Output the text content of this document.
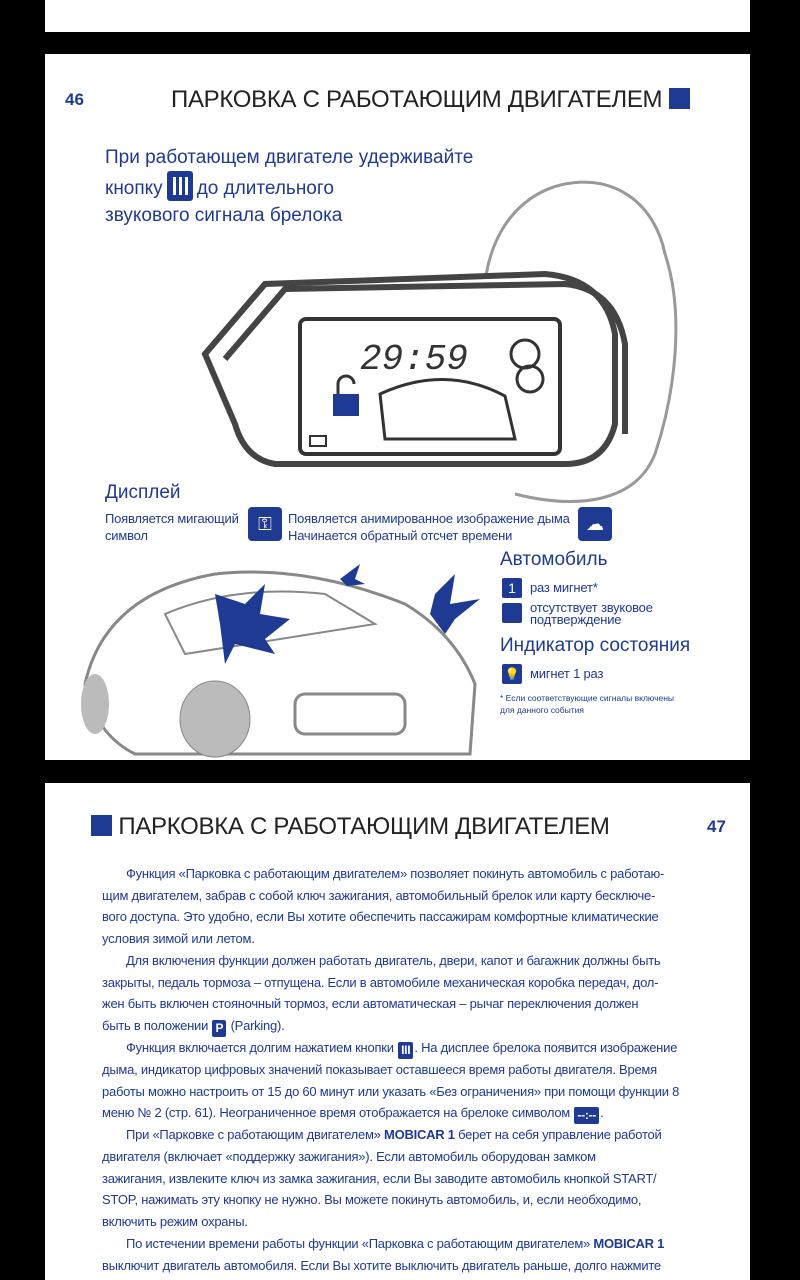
46	ПАРКОВКА С РАБОТАЮЩИМ ДВИГАТЕЛЕМ
При работающем двигателе удерживайте
кнопку до длительного
звукового сигнала брелока
29:59
Дисплей
Появляется мигающий
символ
⚿	Появляется анимированное изображение дыма
Начинается обратный отсчет времени
☁
Автомобиль
1	раз мигнет*
отсутствует звуковое
подтверждение
Индикатор состояния
💡 мигнет 1 раз
* Если соответствующие сигналы включены
для данного события
ПАРКОВКА С РАБОТАЮЩИМ ДВИГАТЕЛЕМ	47
Функция «Парковка с работающим двигателем» позволяет покинуть автомобиль с работаю-
щим двигателем, забрав с собой ключ зажигания, автомобильный брелок или карту бесключе-
вого доступа. Это удобно, если Вы хотите обеспечить пассажирам комфортные климатические
условия зимой или летом.
Для включения функции должен работать двигатель, двери, капот и багажник должны быть
закрыты, педаль тормоза – отпущена. Если в автомобиле механическая коробка передач, дол-
жен быть включен стояночный тормоз, если автоматическая – рычаг переключения должен
быть в положении P (Parking).
Функция включается долгим нажатием кнопки III . На дисплее брелока появится изображение
дыма, индикатор цифровых значений показывает оставшееся время работы двигателя. Время
работы можно настроить от 15 до 60 минут или указать «Без ограничения» при помощи функции 8
меню № 2 (стр. 61). Неограниченное время отображается на брелоке символом --:-- .
При «Парковке с работающим двигателем» MOBICAR 1 берет на себя управление работой
двигателя (включает «поддержку зажигания»). Если автомобиль оборудован замком
зажигания, извлеките ключ из замка зажигания, если Вы заводите автомобиль кнопкой START/
STOP, нажимать эту кнопку не нужно. Вы можете покинуть автомобиль, и, если необходимо,
включить режим охраны.
По истечении времени работы функции «Парковка с работающим двигателем» MOBICAR 1
выключит двигатель автомобиля. Если Вы хотите выключить двигатель раньше, долго нажмите
